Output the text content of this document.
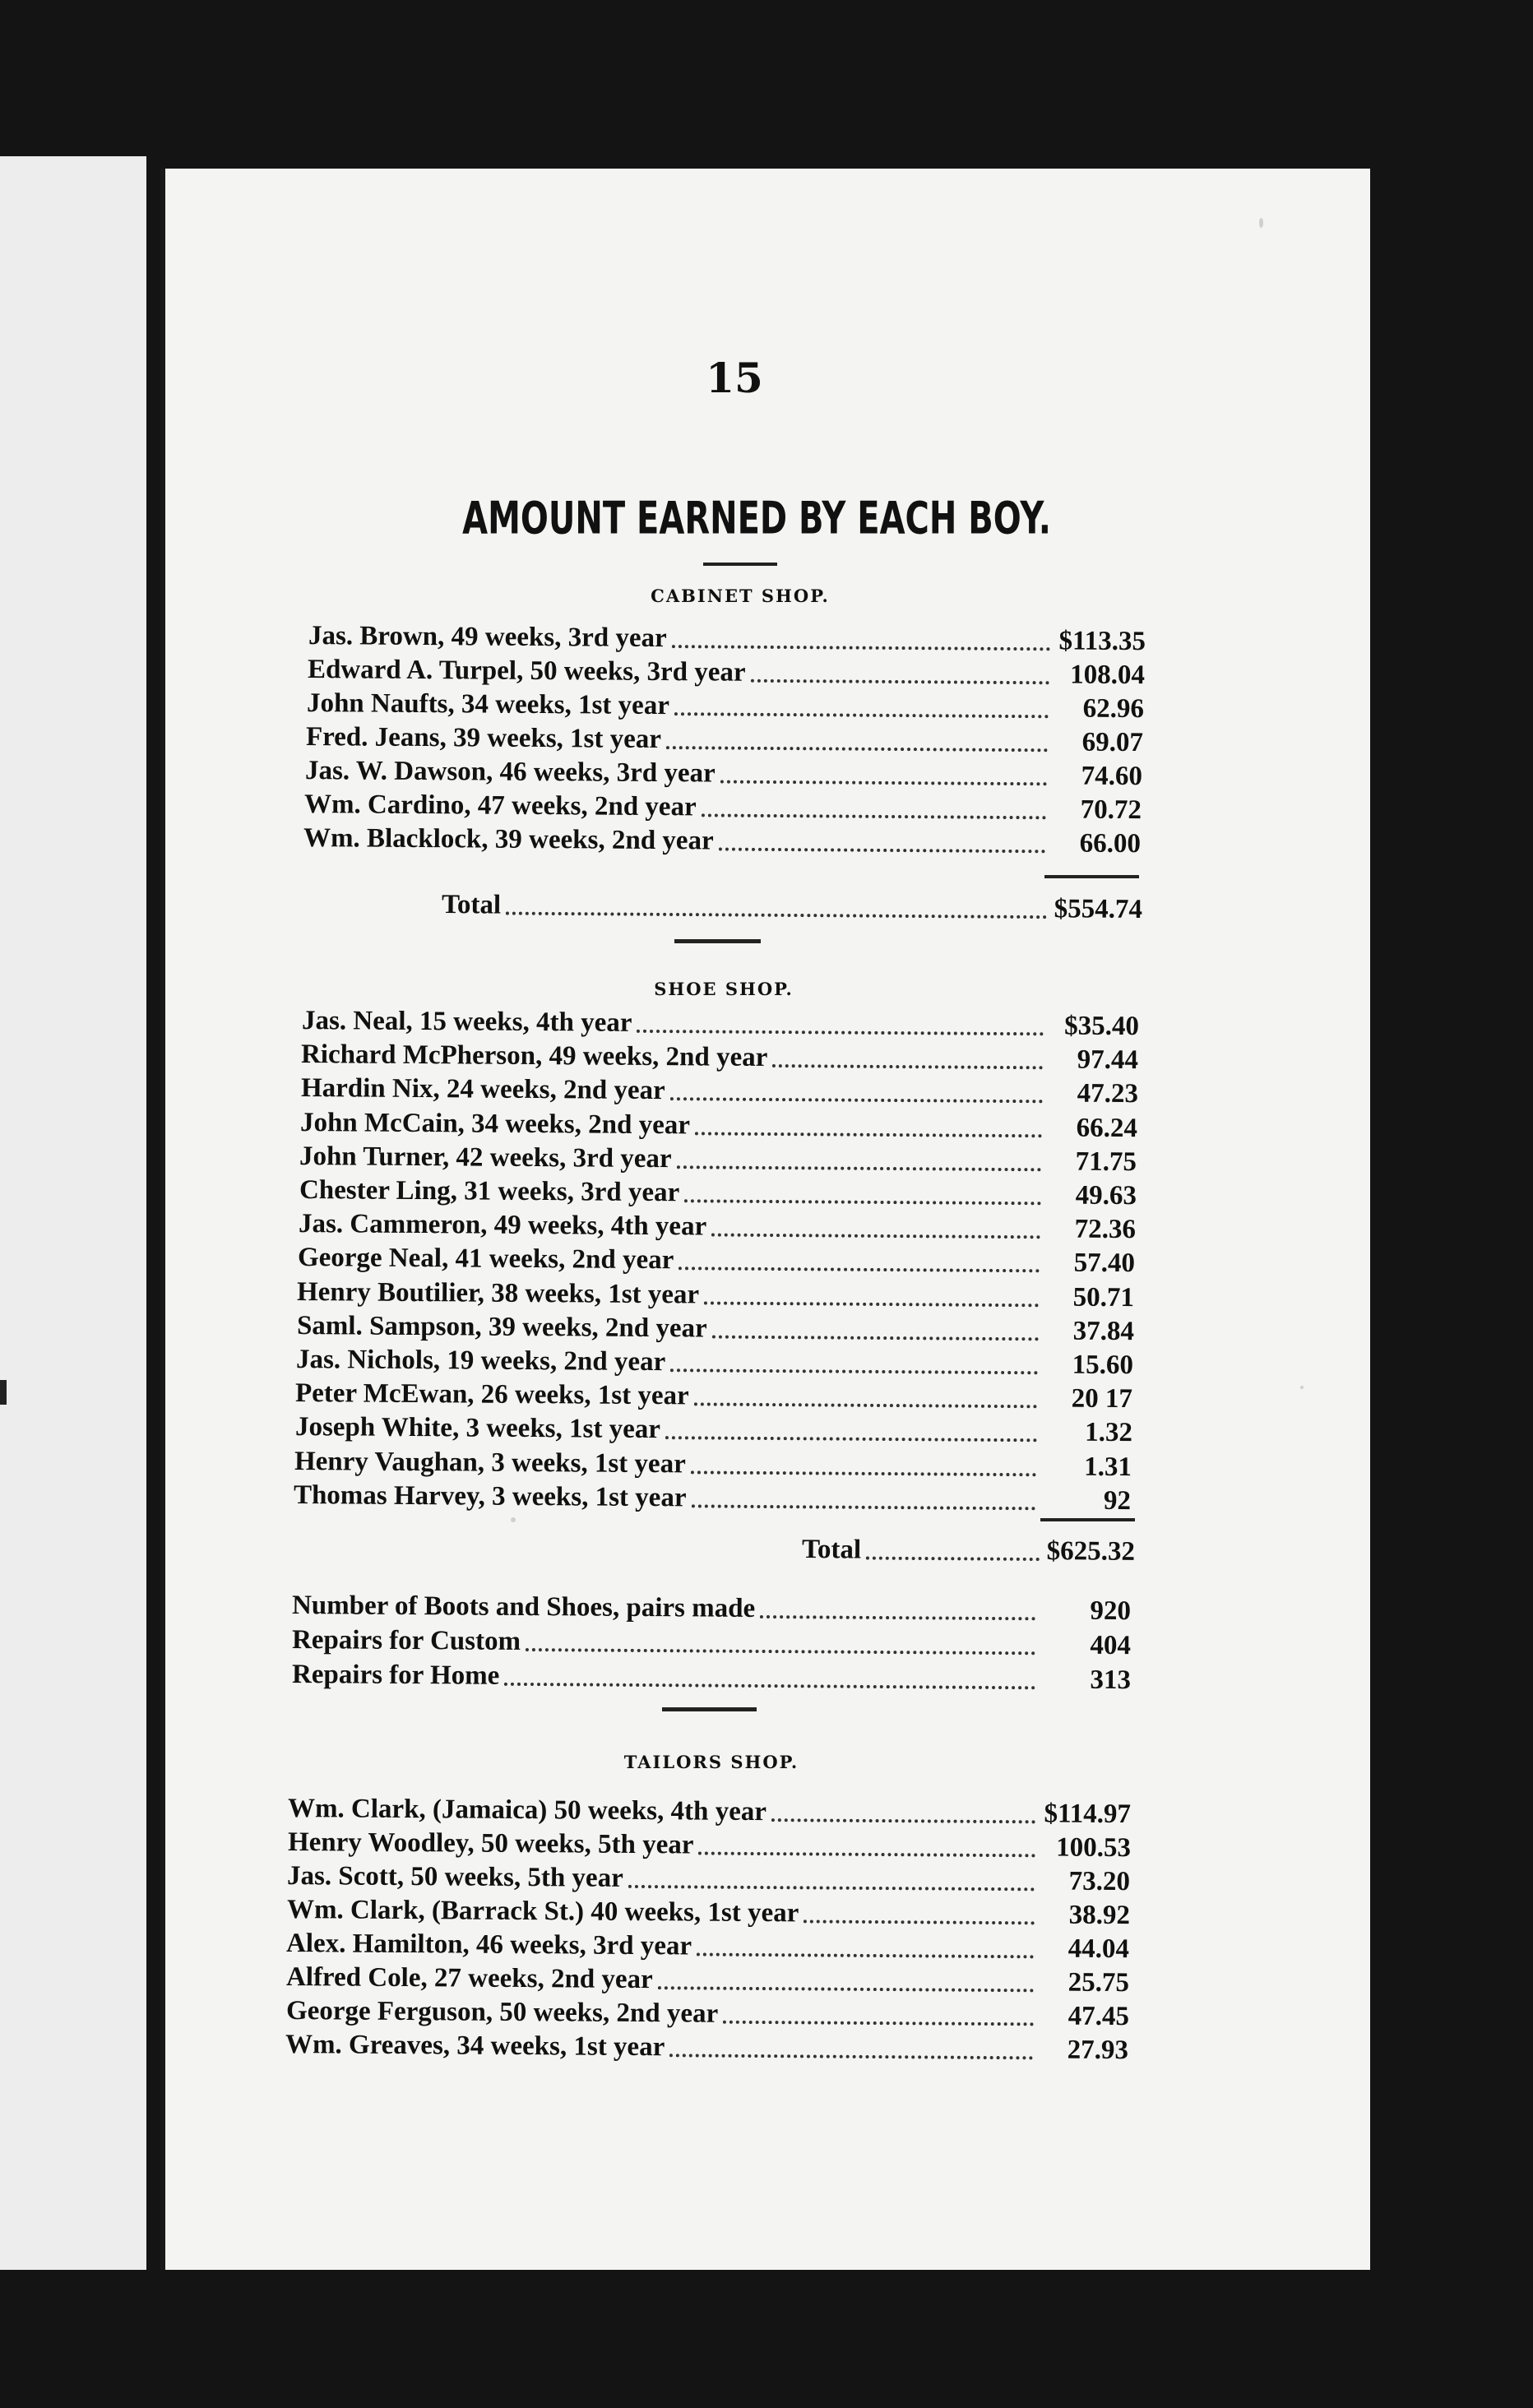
15
AMOUNT EARNED BY EACH BOY.
CABINET SHOP.
Jas. Brown, 49 weeks, 3rd year	$113.35
Edward A. Turpel, 50 weeks, 3rd year	108.04
John Naufts, 34 weeks, 1st year	62.96
Fred. Jeans, 39 weeks, 1st year	69.07
Jas. W. Dawson, 46 weeks, 3rd year	74.60
Wm. Cardino, 47 weeks, 2nd year	70.72
Wm. Blacklock, 39 weeks, 2nd year	66.00
Total	$554.74
SHOE SHOP.
Jas. Neal, 15 weeks, 4th year	$35.40
Richard McPherson, 49 weeks, 2nd year	97.44
Hardin Nix, 24 weeks, 2nd year	47.23
John McCain, 34 weeks, 2nd year	66.24
John Turner, 42 weeks, 3rd year	71.75
Chester Ling, 31 weeks, 3rd year	49.63
Jas. Cammeron, 49 weeks, 4th year	72.36
George Neal, 41 weeks, 2nd year	57.40
Henry Boutilier, 38 weeks, 1st year	50.71
Saml. Sampson, 39 weeks, 2nd year	37.84
Jas. Nichols, 19 weeks, 2nd year	15.60
Peter McEwan, 26 weeks, 1st year	20 17
Joseph White, 3 weeks, 1st year	1.32
Henry Vaughan, 3 weeks, 1st year	1.31
Thomas Harvey, 3 weeks, 1st year	92
Total	$625.32
Number of Boots and Shoes, pairs made	920
Repairs for Custom	404
Repairs for Home	313
TAILORS SHOP.
Wm. Clark, (Jamaica) 50 weeks, 4th year	$114.97
Henry Woodley, 50 weeks, 5th year	100.53
Jas. Scott, 50 weeks, 5th year	73.20
Wm. Clark, (Barrack St.) 40 weeks, 1st year	38.92
Alex. Hamilton, 46 weeks, 3rd year	44.04
Alfred Cole, 27 weeks, 2nd year	25.75
George Ferguson, 50 weeks, 2nd year	47.45
Wm. Greaves, 34 weeks, 1st year	27.93
